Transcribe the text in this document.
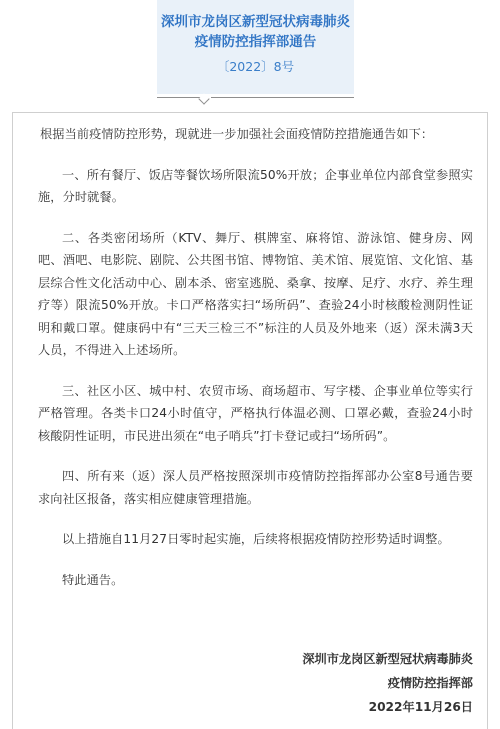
深圳市龙岗区新型冠状病毒肺炎

疫情防控指挥部通告

〔2022〕8号

根据当前疫情防控形势，现就进一步加强社会面疫情防控措施通告如下：

一、所有餐厅、饭店等餐饮场所限流50%开放；企事业单位内部食堂参照实施，分时就餐。

二、各类密闭场所（KTV、舞厅、棋牌室、麻将馆、游泳馆、健身房、网吧、酒吧、电影院、剧院、公共图书馆、博物馆、美术馆、展览馆、文化馆、基层综合性文化活动中心、剧本杀、密室逃脱、桑拿、按摩、足疗、水疗、养生理疗等）限流50%开放。卡口严格落实扫“场所码”、查验24小时核酸检测阴性证明和戴口罩。健康码中有“三天三检三不”标注的人员及外地来（返）深未满3天人员，不得进入上述场所。

三、社区小区、城中村、农贸市场、商场超市、写字楼、企事业单位等实行严格管理。各类卡口24小时值守，严格执行体温必测、口罩必戴，查验24小时核酸阴性证明，市民进出须在“电子哨兵”打卡登记或扫“场所码”。

四、所有来（返）深人员严格按照深圳市疫情防控指挥部办公室8号通告要求向社区报备，落实相应健康管理措施。

以上措施自11月27日零时起实施，后续将根据疫情防控形势适时调整。

特此通告。

深圳市龙岗区新型冠状病毒肺炎
疫情防控指挥部
2022年11月26日
